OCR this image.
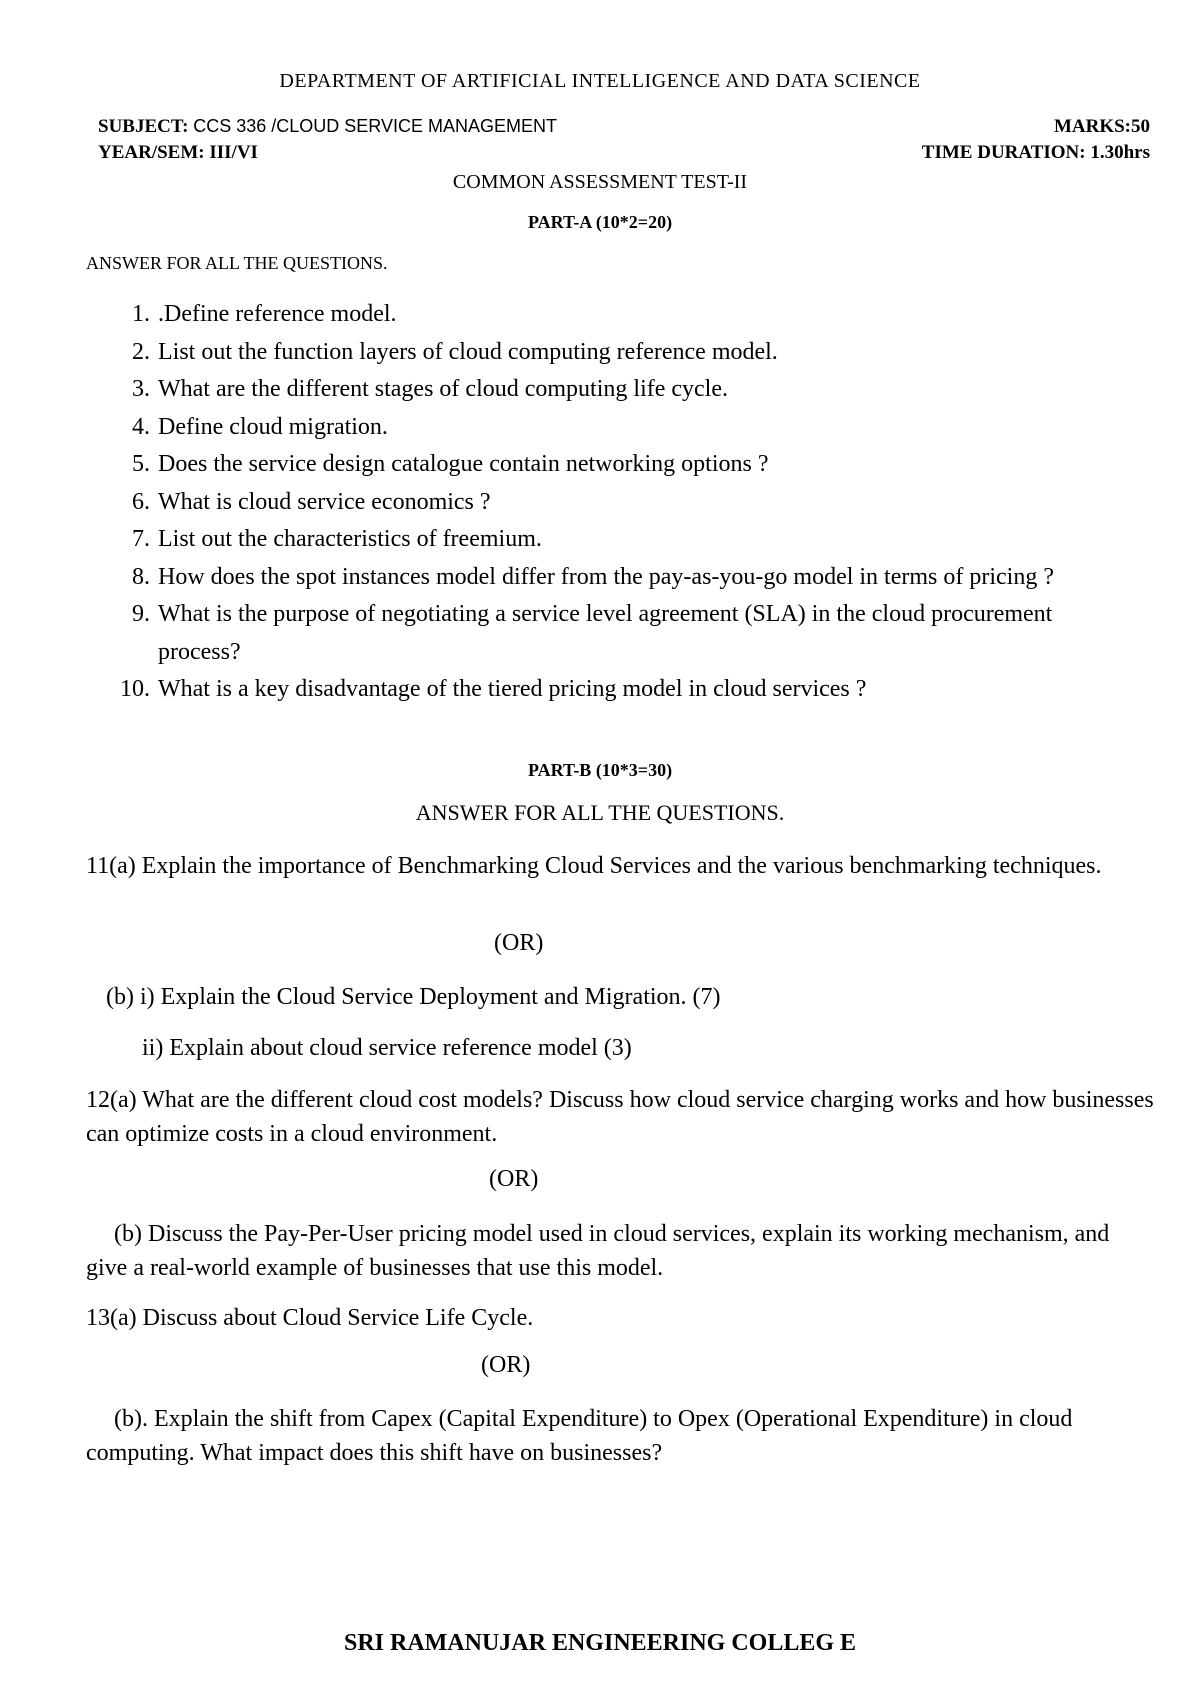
DEPARTMENT OF ARTIFICIAL INTELLIGENCE AND DATA SCIENCE
SUBJECT: CCS 336 /CLOUD SERVICE MANAGEMENT	MARKS:50
YEAR/SEM: III/VI	TIME DURATION: 1.30hrs
COMMON ASSESSMENT TEST-II
PART-A (10*2=20)
ANSWER FOR ALL THE QUESTIONS.
1. .Define reference model.
2. List out the function layers of cloud computing reference model.
3. What are the different stages of cloud computing life cycle.
4. Define cloud migration.
5. Does the service design catalogue contain networking options ?
6. What is cloud service economics ?
7. List out the characteristics of freemium.
8. How does the spot instances model differ from the pay-as-you-go model in terms of pricing ?
9. What is the purpose of negotiating a service level agreement (SLA) in the cloud procurement process?
10. What is a key disadvantage of the tiered pricing model in cloud services ?
PART-B (10*3=30)
ANSWER FOR ALL THE QUESTIONS.
11(a) Explain the importance of Benchmarking Cloud Services and the various benchmarking techniques.
(OR)
(b) i) Explain the Cloud Service Deployment and Migration. (7)
ii) Explain about cloud service reference model (3)
12(a) What are the different cloud cost models? Discuss how cloud service charging works and how businesses can optimize costs in a cloud environment.
(OR)
(b) Discuss the Pay-Per-User pricing model used in cloud services, explain its working mechanism, and give a real-world example of businesses that use this model.
13(a) Discuss about Cloud Service Life Cycle.
(OR)
(b). Explain the shift from Capex (Capital Expenditure) to Opex (Operational Expenditure) in cloud computing. What impact does this shift have on businesses?
SRI RAMANUJAR ENGINEERING COLLEG E
